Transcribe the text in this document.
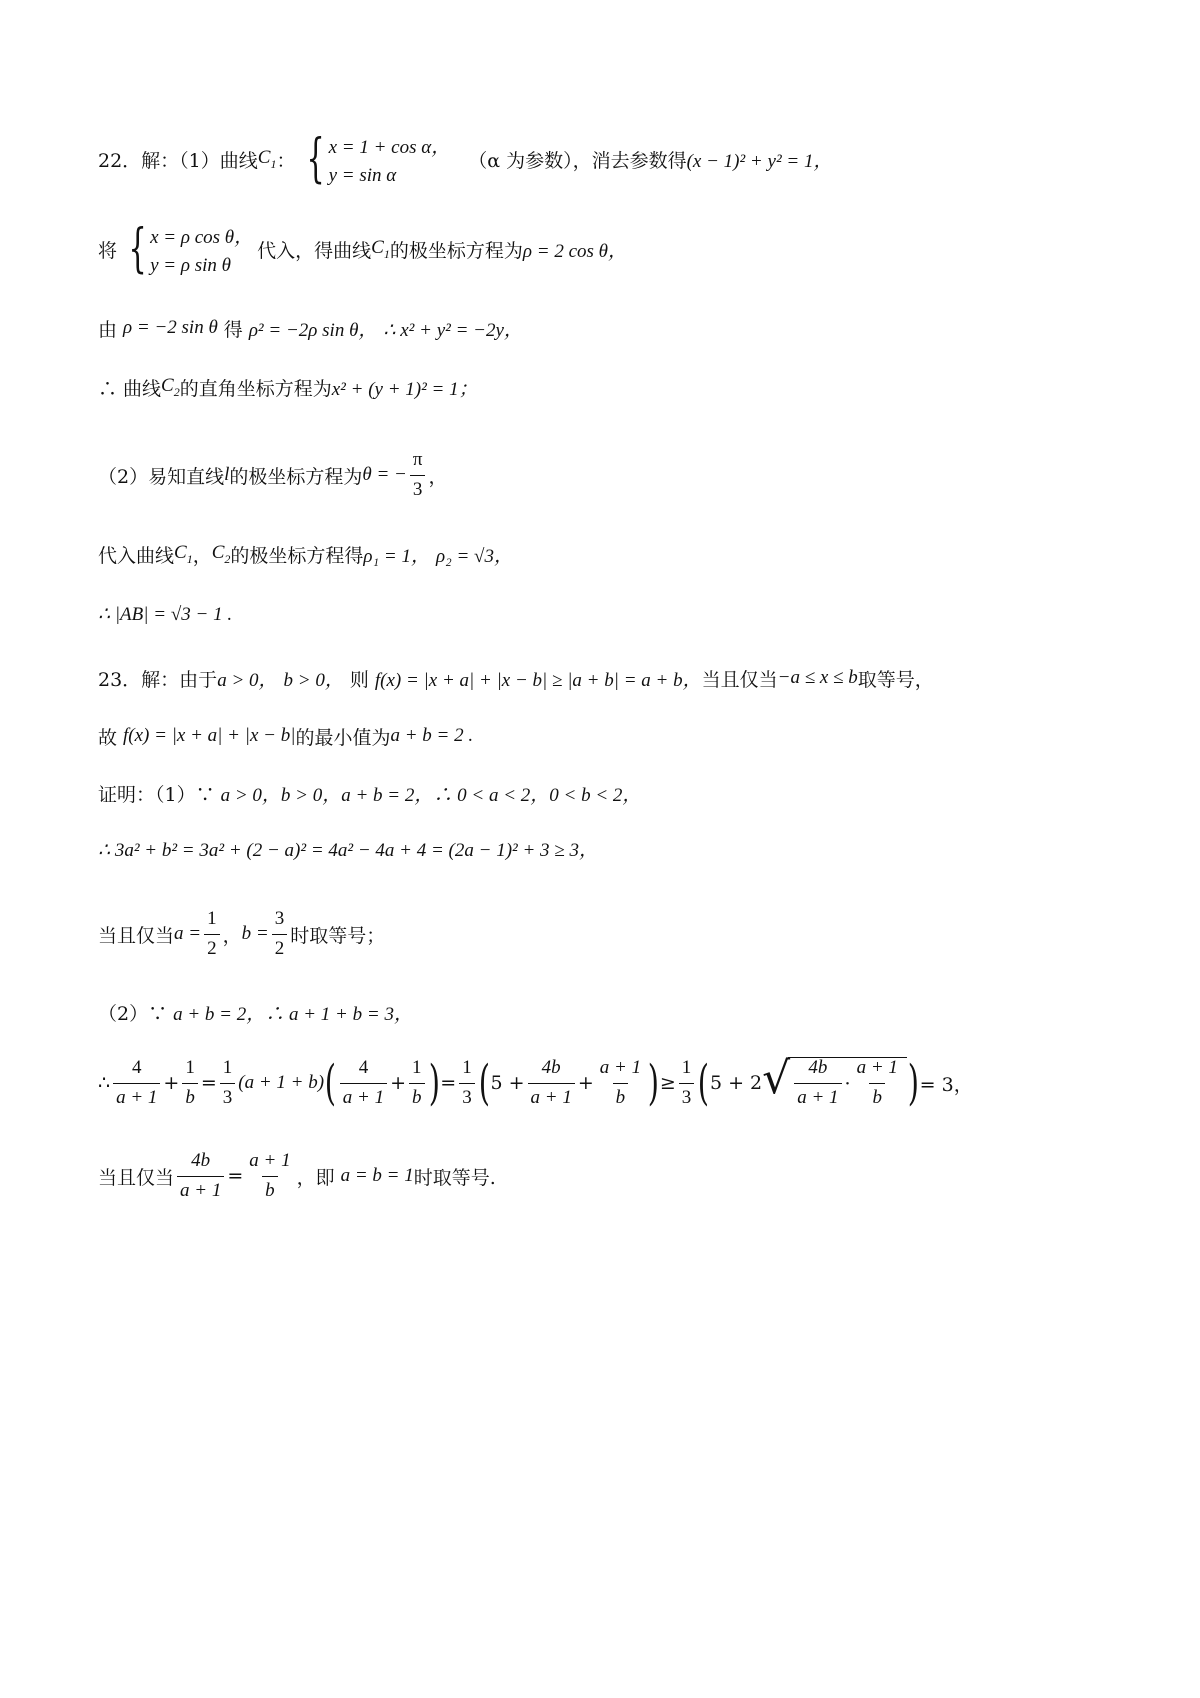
22．解：（1）曲线 $C_1$ ： { x = 1 + cos α，
y = sin α
（α 为参数），消去参数得 (x − 1)² + y² = 1，
将 { x = ρ cos θ，
y = ρ sin θ
代入，得曲线 $C_1$ 的极坐标方程为 ρ = 2 cos θ，
由 ρ = −2 sin θ 得 ρ² = −2ρ sin θ， ∴ x² + y² = −2y，
∴ 曲线 $C_2$ 的直角坐标方程为 x² + (y + 1)² = 1；
（2）易知直线 l 的极坐标方程为 θ = − $\frac{\pi}{3}$ ，
代入曲线 $C_1$ ， $C_2$ 的极坐标方程得 ρ₁ = 1， ρ₂ = √3，
∴ |AB| = √3 − 1 .
23．解：由于 a > 0， b > 0， 则 f(x) = |x + a| + |x − b| ≥ |a + b| = a + b， 当且仅当 −a ≤ x ≤ b 取等号，
故 f(x) = |x + a| + |x − b| 的最小值为 a + b = 2 .
证明：（1）∵ a > 0，b > 0，a + b = 2，∴ 0 < a < 2，0 < b < 2，
∴ 3a² + b² = 3a² + (2 − a)² = 4a² − 4a + 4 = (2a − 1)² + 3 ≥ 3，
当且仅当 $a = \frac{1}{2}$ ， $b = \frac{3}{2}$ 时取等号；
（2）∵ a + b = 2，∴ a + 1 + b = 3，
∴ $\frac{4}{a + 1} + \frac{1}{b} = \frac{1}{3} (a + 1 + b)$ ( $\frac{4}{a + 1} + \frac{1}{b}$ ) = $\frac{1}{3}$ ( $5 + \frac{4b}{a + 1} + \frac{a + 1}{b}$ ) ≥ $\frac{1}{3}$ ( 5 + 2 √ $\frac{4b}{a + 1} \cdot \frac{a + 1}{b}$ ) = 3，
当且仅当 $\frac{4b}{a + 1} = \frac{a + 1}{b}$ ，即 a = b = 1 时取等号.
